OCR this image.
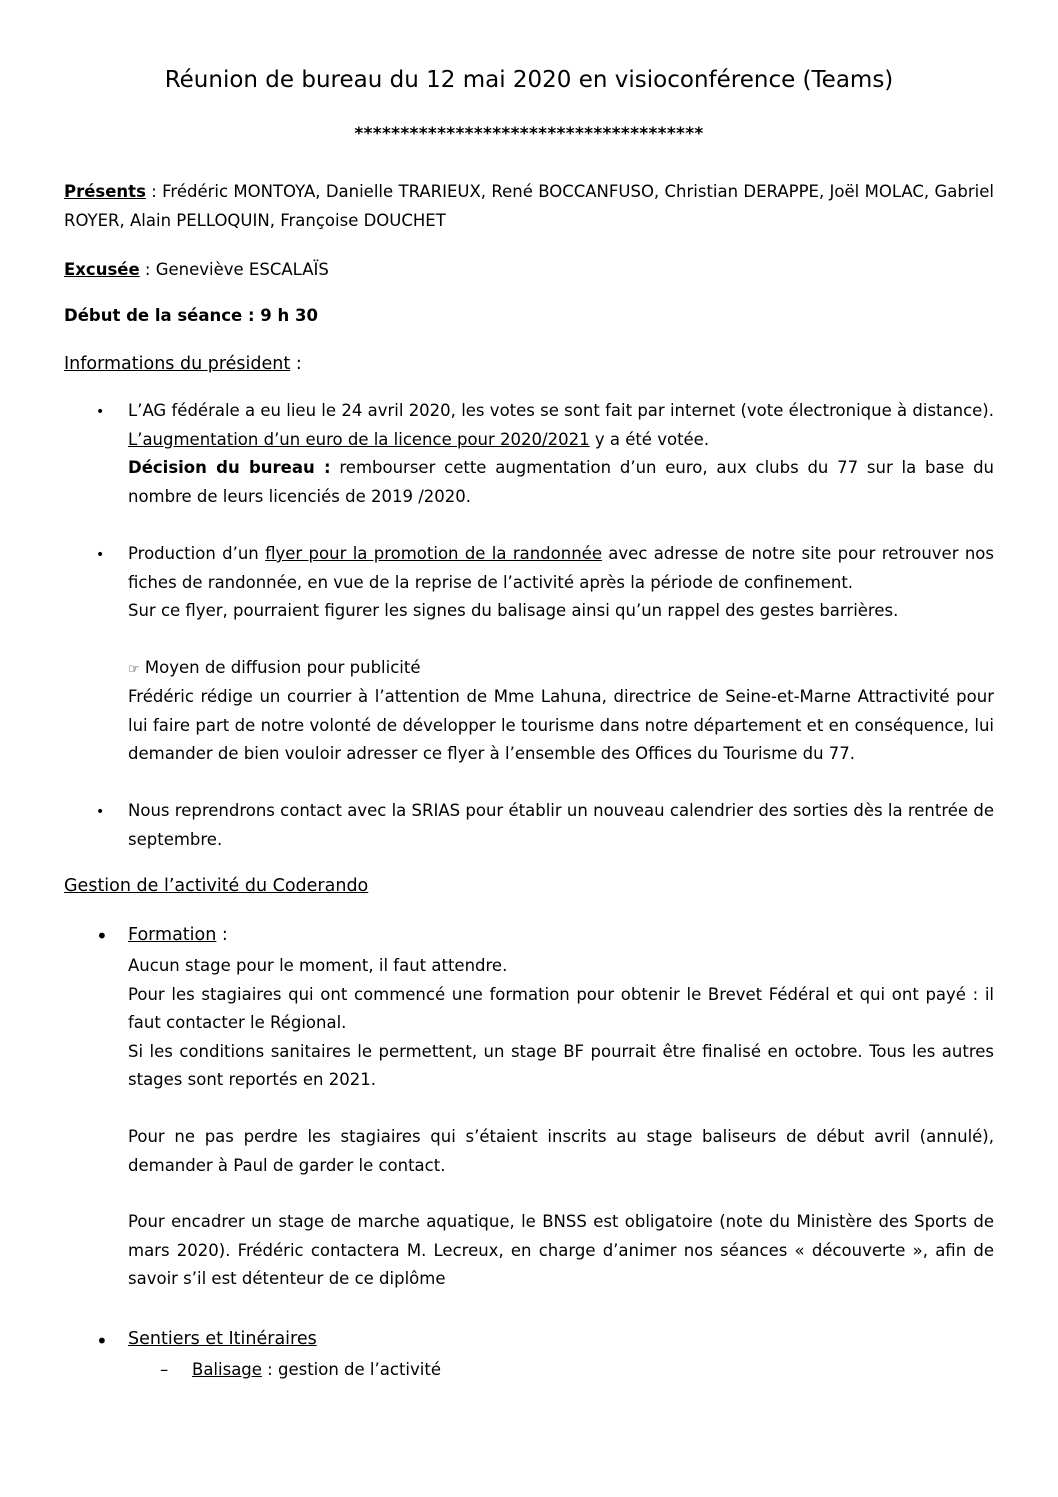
Réunion de bureau du 12 mai 2020 en visioconférence (Teams)
**************************************

Présents : Frédéric MONTOYA, Danielle TRARIEUX, René BOCCANFUSO, Christian DERAPPE, Joël MOLAC, Gabriel ROYER, Alain PELLOQUIN, Françoise DOUCHET

Excusée : Geneviève ESCALAÏS

Début de la séance : 9 h 30

Informations du président :

•
L’AG fédérale a eu lieu le 24 avril 2020, les votes se sont fait par internet (vote électronique à distance). L’augmentation d’un euro de la licence pour 2020/2021 y a été votée.
Décision du bureau : rembourser cette augmentation d’un euro, aux clubs du 77 sur la base du nombre de leurs licenciés de 2019 /2020.
•
Production d’un flyer pour la promotion de la randonnée avec adresse de notre site pour retrouver nos fiches de randonnée, en vue de la reprise de l’activité après la période de confinement.
Sur ce flyer, pourraient figurer les signes du balisage ainsi qu’un rappel des gestes barrières.
☞ Moyen de diffusion pour publicité
Frédéric rédige un courrier à l’attention de Mme Lahuna, directrice de Seine-et-Marne Attractivité pour lui faire part de notre volonté de développer le tourisme dans notre département et en conséquence, lui demander de bien vouloir adresser ce flyer à l’ensemble des Offices du Tourisme du 77.
•
Nous reprendrons contact avec la SRIAS pour établir un nouveau calendrier des sorties dès la rentrée de septembre.

Gestion de l’activité du Coderando

•
Formation :
Aucun stage pour le moment, il faut attendre.
Pour les stagiaires qui ont commencé une formation pour obtenir le Brevet Fédéral et qui ont payé : il faut contacter le Régional.
Si les conditions sanitaires le permettent, un stage BF pourrait être finalisé en octobre. Tous les autres stages sont reportés en 2021.
Pour ne pas perdre les stagiaires qui s’étaient inscrits au stage baliseurs de début avril (annulé), demander à Paul de garder le contact.
Pour encadrer un stage de marche aquatique, le BNSS est obligatoire (note du Ministère des Sports de mars 2020). Frédéric contactera M. Lecreux, en charge d’animer nos séances « découverte », afin de savoir s’il est détenteur de ce diplôme
•
Sentiers et Itinéraires
– Balisage : gestion de l’activité
